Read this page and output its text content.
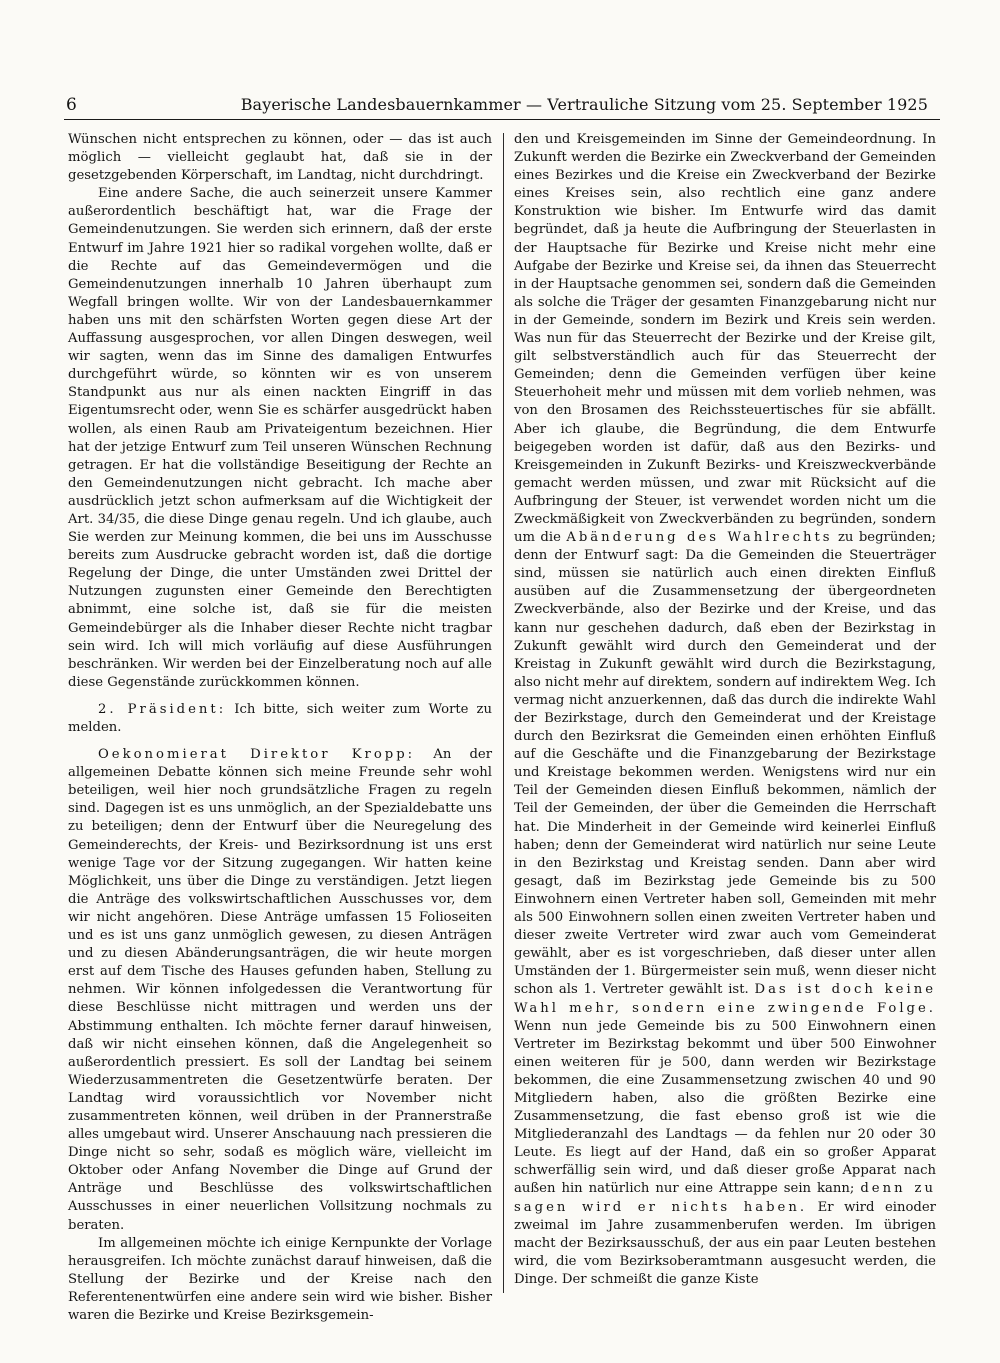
6	Bayerische Landesbauernkammer — Vertrauliche Sitzung vom 25. September 1925

Wünschen nicht entsprechen zu können, oder — das ist auch möglich — vielleicht geglaubt hat, daß sie in der gesetzgebenden Körperschaft, im Landtag, nicht durchdringt.

Eine andere Sache, die auch seinerzeit unsere Kammer außerordentlich beschäftigt hat, war die Frage der Gemeindenutzungen. Sie werden sich erinnern, daß der erste Entwurf im Jahre 1921 hier so radikal vorgehen wollte, daß er die Rechte auf das Gemeindevermögen und die Gemeindenutzungen innerhalb 10 Jahren überhaupt zum Wegfall bringen wollte. Wir von der Landesbauernkammer haben uns mit den schärfsten Worten gegen diese Art der Auffassung ausgesprochen, vor allen Dingen deswegen, weil wir sagten, wenn das im Sinne des damaligen Entwurfes durchgeführt würde, so könnten wir es von unserem Standpunkt aus nur als einen nackten Eingriff in das Eigentumsrecht oder, wenn Sie es schärfer ausgedrückt haben wollen, als einen Raub am Privateigentum bezeichnen. Hier hat der jetzige Entwurf zum Teil unseren Wünschen Rechnung getragen. Er hat die vollständige Beseitigung der Rechte an den Gemeindenutzungen nicht gebracht. Ich mache aber ausdrücklich jetzt schon aufmerksam auf die Wichtigkeit der Art. 34/35, die diese Dinge genau regeln. Und ich glaube, auch Sie werden zur Meinung kommen, die bei uns im Ausschusse bereits zum Ausdrucke gebracht worden ist, daß die dortige Regelung der Dinge, die unter Umständen zwei Drittel der Nutzungen zugunsten einer Gemeinde den Berechtigten abnimmt, eine solche ist, daß sie für die meisten Gemeindebürger als die Inhaber dieser Rechte nicht tragbar sein wird. Ich will mich vorläufig auf diese Ausführungen beschränken. Wir werden bei der Einzelberatung noch auf alle diese Gegenstände zurückkommen können.

2. Präsident: Ich bitte, sich weiter zum Worte zu melden.

Oekonomierat Direktor Kropp: An der allgemeinen Debatte können sich meine Freunde sehr wohl beteiligen, weil hier noch grundsätzliche Fragen zu regeln sind. Dagegen ist es uns unmöglich, an der Spezialdebatte uns zu beteiligen; denn der Entwurf über die Neuregelung des Gemeinderechts, der Kreis- und Bezirksordnung ist uns erst wenige Tage vor der Sitzung zugegangen. Wir hatten keine Möglichkeit, uns über die Dinge zu verständigen. Jetzt liegen die Anträge des volkswirtschaftlichen Ausschusses vor, dem wir nicht angehören. Diese Anträge umfassen 15 Folioseiten und es ist uns ganz unmöglich gewesen, zu diesen Anträgen und zu diesen Abänderungsanträgen, die wir heute morgen erst auf dem Tische des Hauses gefunden haben, Stellung zu nehmen. Wir können infolgedessen die Verantwortung für diese Beschlüsse nicht mittragen und werden uns der Abstimmung enthalten. Ich möchte ferner darauf hinweisen, daß wir nicht einsehen können, daß die Angelegenheit so außerordentlich pressiert. Es soll der Landtag bei seinem Wiederzusammentreten die Gesetzentwürfe beraten. Der Landtag wird voraussichtlich vor November nicht zusammentreten können, weil drüben in der Prannerstraße alles umgebaut wird. Unserer Anschauung nach pressieren die Dinge nicht so sehr, sodaß es möglich wäre, vielleicht im Oktober oder Anfang November die Dinge auf Grund der Anträge und Beschlüsse des volkswirtschaftlichen Ausschusses in einer neuerlichen Vollsitzung nochmals zu beraten.

Im allgemeinen möchte ich einige Kernpunkte der Vorlage herausgreifen. Ich möchte zunächst darauf hinweisen, daß die Stellung der Bezirke und der Kreise nach den Referentenentwürfen eine andere sein wird wie bisher. Bisher waren die Bezirke und Kreise Bezirksgemein-

den und Kreisgemeinden im Sinne der Gemeindeordnung. In Zukunft werden die Bezirke ein Zweckverband der Gemeinden eines Bezirkes und die Kreise ein Zweckverband der Bezirke eines Kreises sein, also rechtlich eine ganz andere Konstruktion wie bisher. Im Entwurfe wird das damit begründet, daß ja heute die Aufbringung der Steuerlasten in der Hauptsache für Bezirke und Kreise nicht mehr eine Aufgabe der Bezirke und Kreise sei, da ihnen das Steuerrecht in der Hauptsache genommen sei, sondern daß die Gemeinden als solche die Träger der gesamten Finanzgebarung nicht nur in der Gemeinde, sondern im Bezirk und Kreis sein werden. Was nun für das Steuerrecht der Bezirke und der Kreise gilt, gilt selbstverständlich auch für das Steuerrecht der Gemeinden; denn die Gemeinden verfügen über keine Steuerhoheit mehr und müssen mit dem vorlieb nehmen, was von den Brosamen des Reichssteuertisches für sie abfällt. Aber ich glaube, die Begründung, die dem Entwurfe beigegeben worden ist dafür, daß aus den Bezirks- und Kreisgemeinden in Zukunft Bezirks- und Kreiszweckverbände gemacht werden müssen, und zwar mit Rücksicht auf die Aufbringung der Steuer, ist verwendet worden nicht um die Zweckmäßigkeit von Zweckverbänden zu begründen, sondern um die Abänderung des Wahlrechts zu begründen; denn der Entwurf sagt: Da die Gemeinden die Steuerträger sind, müssen sie natürlich auch einen direkten Einfluß ausüben auf die Zusammensetzung der übergeordneten Zweckverbände, also der Bezirke und der Kreise, und das kann nur geschehen dadurch, daß eben der Bezirkstag in Zukunft gewählt wird durch den Gemeinderat und der Kreistag in Zukunft gewählt wird durch die Bezirkstagung, also nicht mehr auf direktem, sondern auf indirektem Weg. Ich vermag nicht anzuerkennen, daß das durch die indirekte Wahl der Bezirkstage, durch den Gemeinderat und der Kreistage durch den Bezirksrat die Gemeinden einen erhöhten Einfluß auf die Geschäfte und die Finanzgebarung der Bezirkstage und Kreistage bekommen werden. Wenigstens wird nur ein Teil der Gemeinden diesen Einfluß bekommen, nämlich der Teil der Gemeinden, der über die Gemeinden die Herrschaft hat. Die Minderheit in der Gemeinde wird keinerlei Einfluß haben; denn der Gemeinderat wird natürlich nur seine Leute in den Bezirkstag und Kreistag senden. Dann aber wird gesagt, daß im Bezirkstag jede Gemeinde bis zu 500 Einwohnern einen Vertreter haben soll, Gemeinden mit mehr als 500 Einwohnern sollen einen zweiten Vertreter haben und dieser zweite Vertreter wird zwar auch vom Gemeinderat gewählt, aber es ist vorgeschrieben, daß dieser unter allen Umständen der 1. Bürgermeister sein muß, wenn dieser nicht schon als 1. Vertreter gewählt ist. Das ist doch keine Wahl mehr, sondern eine zwingende Folge. Wenn nun jede Gemeinde bis zu 500 Einwohnern einen Vertreter im Bezirkstag bekommt und über 500 Einwohner einen weiteren für je 500, dann werden wir Bezirkstage bekommen, die eine Zusammensetzung zwischen 40 und 90 Mitgliedern haben, also die größten Bezirke eine Zusammensetzung, die fast ebenso groß ist wie die Mitgliederanzahl des Landtags — da fehlen nur 20 oder 30 Leute. Es liegt auf der Hand, daß ein so großer Apparat schwerfällig sein wird, und daß dieser große Apparat nach außen hin natürlich nur eine Attrappe sein kann; denn zu sagen wird er nichts haben. Er wird einoder zweimal im Jahre zusammenberufen werden. Im übrigen macht der Bezirksausschuß, der aus ein paar Leuten bestehen wird, die vom Bezirksoberamtmann ausgesucht werden, die Dinge. Der schmeißt die ganze Kiste
